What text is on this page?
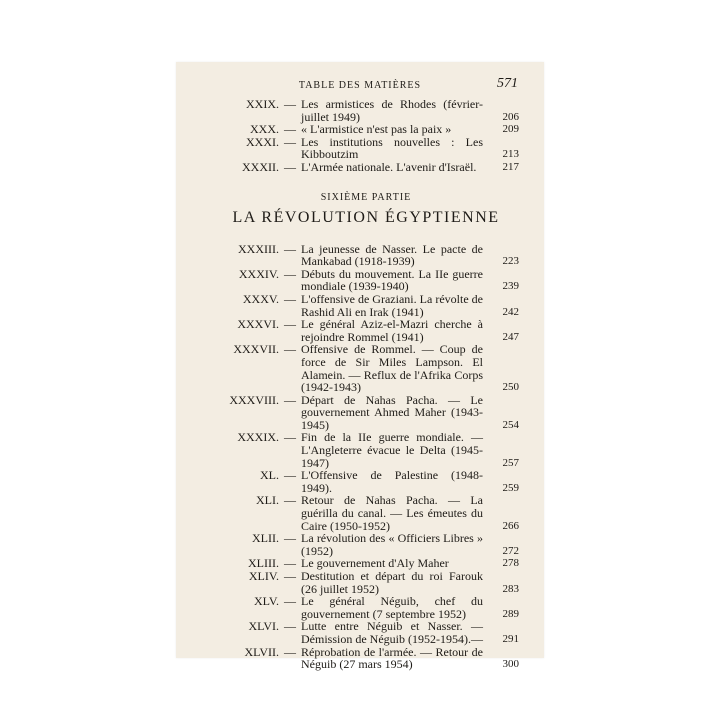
TABLE DES MATIÈRES	571
XXIX. — Les armistices de Rhodes (février-juillet 1949)	206
XXX. — « L'armistice n'est pas la paix »	209
XXXI. — Les institutions nouvelles : Les Kibboutzim	213
XXXII. — L'Armée nationale. L'avenir d'Israël.	217
SIXIÈME PARTIE
LA RÉVOLUTION ÉGYPTIENNE
XXXIII. — La jeunesse de Nasser. Le pacte de Mankabad (1918-1939)	223
XXXIV. — Débuts du mouvement. La IIe guerre mondiale (1939-1940)	239
XXXV. — L'offensive de Graziani. La révolte de Rashid Ali en Irak (1941)	242
XXXVI. — Le général Aziz-el-Mazri cherche à rejoindre Rommel (1941)	247
XXXVII. — Offensive de Rommel. — Coup de force de Sir Miles Lampson. El Alamein. — Reflux de l'Afrika Corps (1942-1943)	250
XXXVIII. — Départ de Nahas Pacha. — Le gouvernement Ahmed Maher (1943-1945)	254
XXXIX. — Fin de la IIe guerre mondiale. — L'Angleterre évacue le Delta (1945-1947)	257
XL. — L'Offensive de Palestine (1948-1949).	259
XLI. — Retour de Nahas Pacha. — La guérilla du canal. — Les émeutes du Caire (1950-1952)	266
XLII. — La révolution des « Officiers Libres » (1952)	272
XLIII. — Le gouvernement d'Aly Maher	278
XLIV. — Destitution et départ du roi Farouk (26 juillet 1952)	283
XLV. — Le général Néguib, chef du gouvernement (7 septembre 1952)	289
XLVI. — Lutte entre Néguib et Nasser. — Démission de Néguib (1952-1954).—	291
XLVII. — Réprobation de l'armée. — Retour de Néguib (27 mars 1954)	300
